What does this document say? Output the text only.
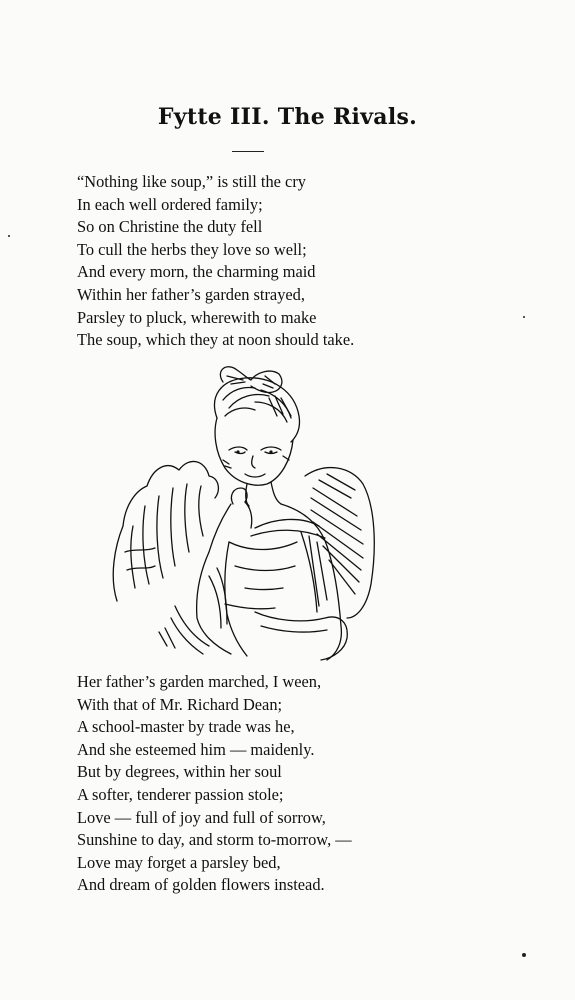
Fytte III. The Rivals.
“Nothing like soup,” is still the cry
In each well ordered family;
So on Christine the duty fell
To cull the herbs they love so well;
And every morn, the charming maid
Within her father’s garden strayed,
Parsley to pluck, wherewith to make
The soup, which they at noon should take.
Her father’s garden marched, I ween,
With that of Mr. Richard Dean;
A school-master by trade was he,
And she esteemed him — maidenly.
But by degrees, within her soul
A softer, tenderer passion stole;
Love — full of joy and full of sorrow,
Sunshine to day, and storm to-morrow, —
Love may forget a parsley bed,
And dream of golden flowers instead.
